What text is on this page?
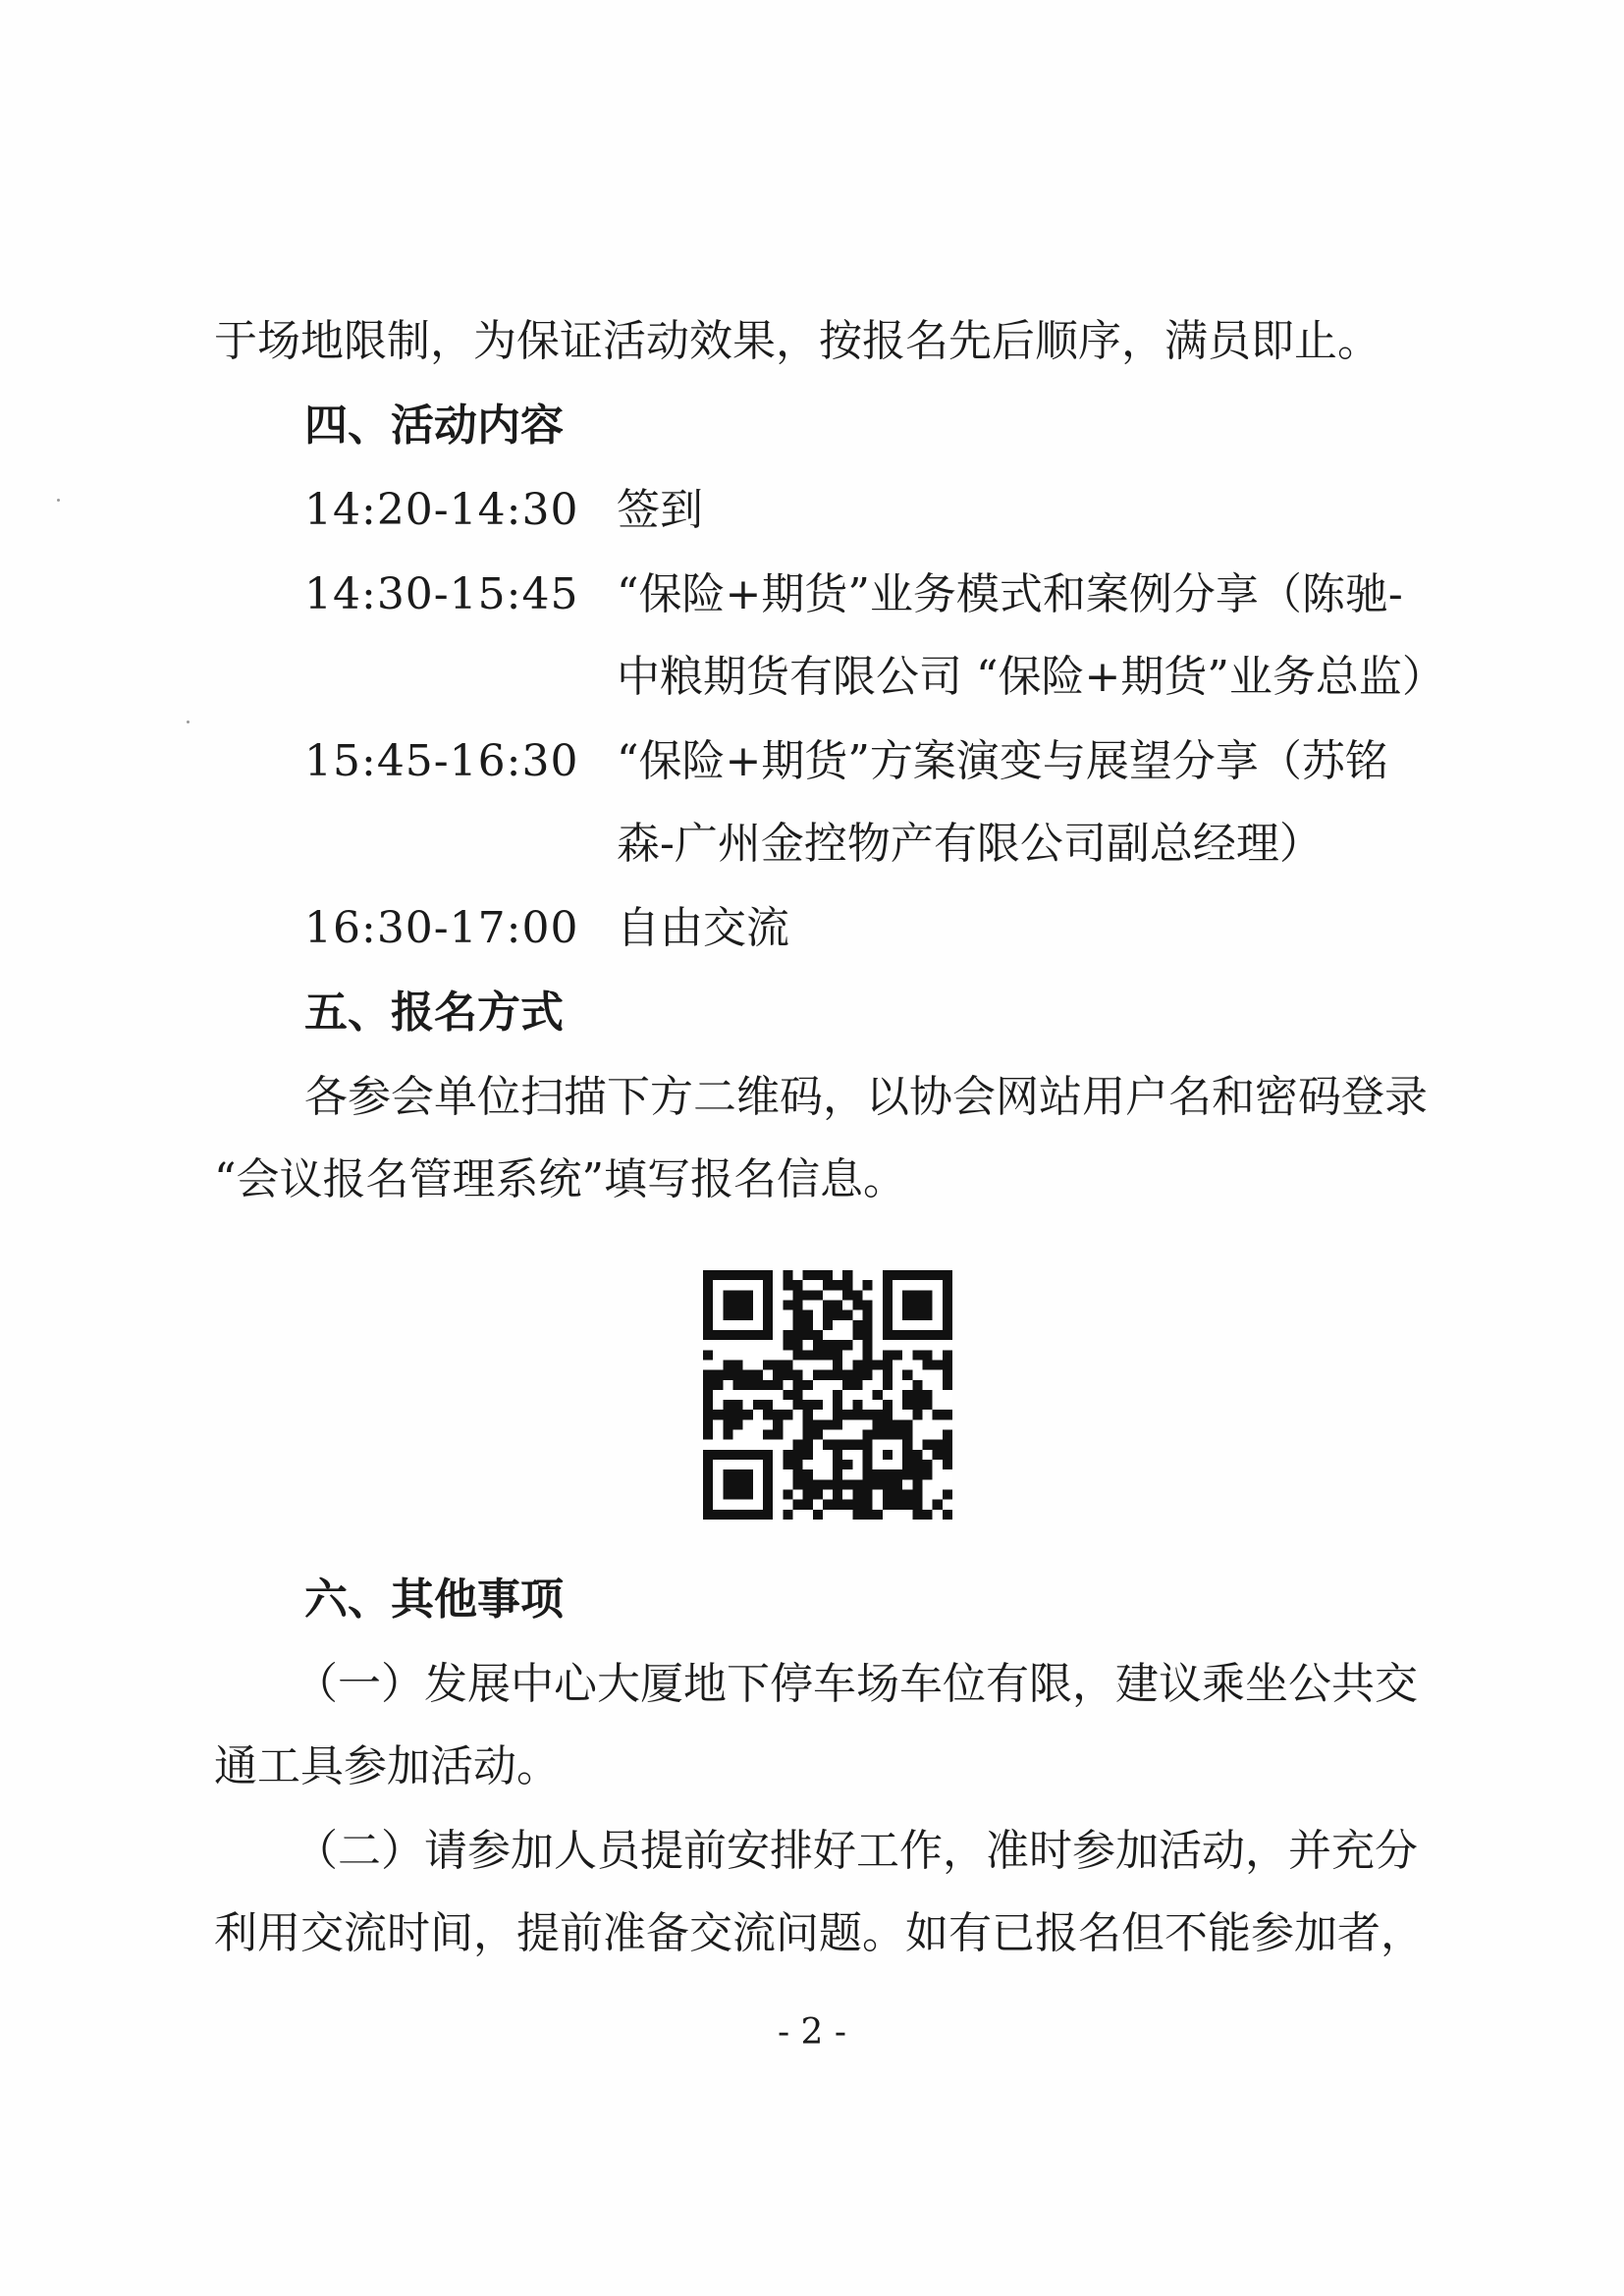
于场地限制，为保证活动效果，按报名先后顺序，满员即止。
四、活动内容
14:20-14:30 签到
14:30-15:45 “保险+期货”业务模式和案例分享（陈驰-
中粮期货有限公司 “保险+期货”业务总监）
15:45-16:30 “保险+期货”方案演变与展望分享（苏铭
森-广州金控物产有限公司副总经理）
16:30-17:00 自由交流
五、报名方式
各参会单位扫描下方二维码，以协会网站用户名和密码登录
“会议报名管理系统”填写报名信息。
六、其他事项
（一）发展中心大厦地下停车场车位有限，建议乘坐公共交
通工具参加活动。
（二）请参加人员提前安排好工作，准时参加活动，并充分
利用交流时间，提前准备交流问题。如有已报名但不能参加者，
- 2 -
